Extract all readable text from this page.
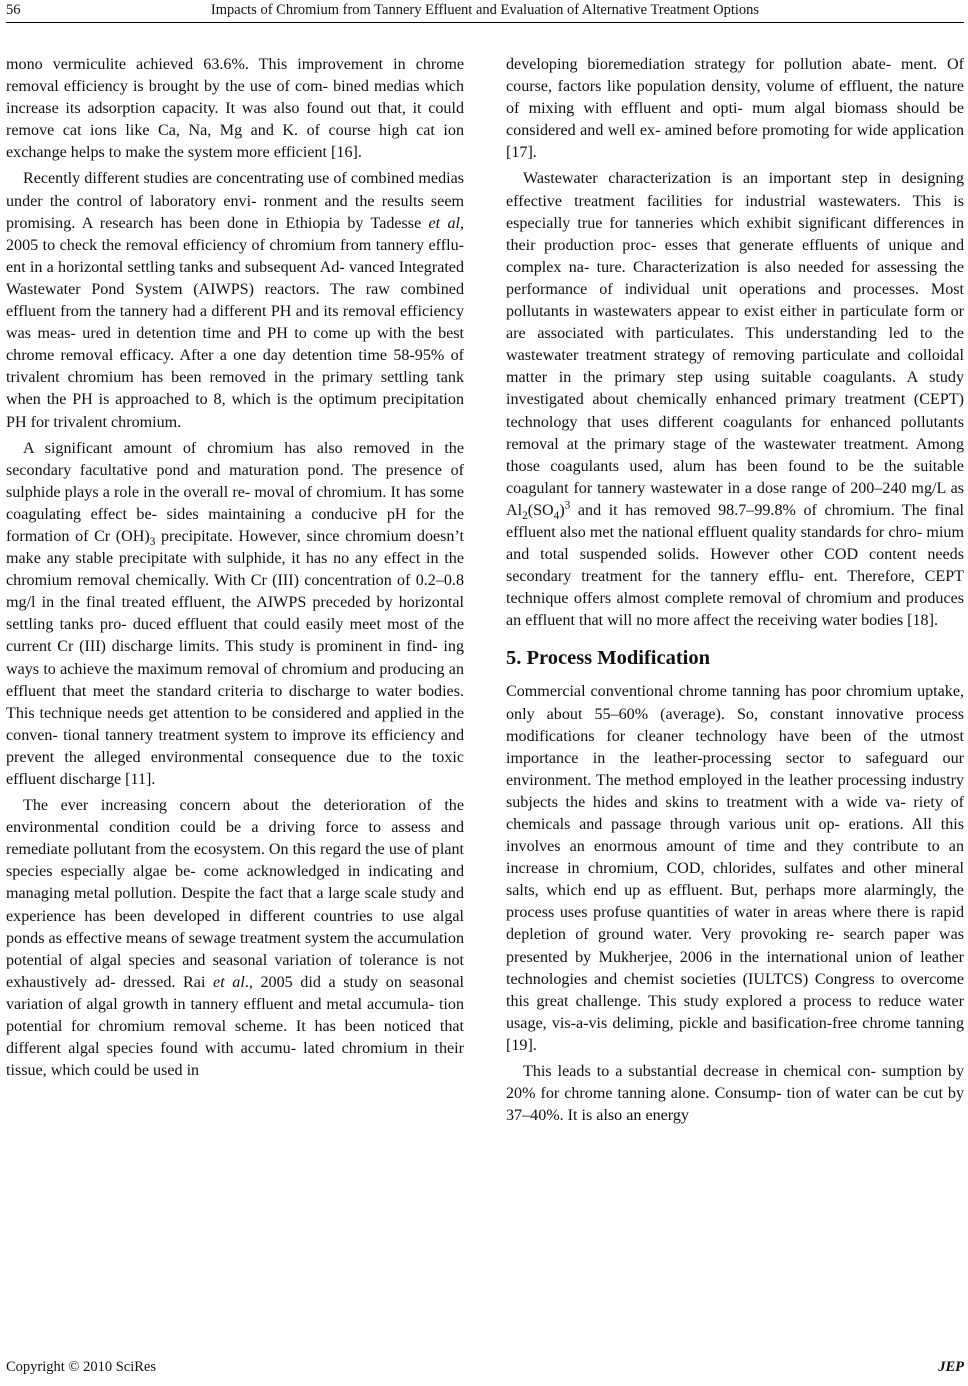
56	Impacts of Chromium from Tannery Effluent and Evaluation of Alternative Treatment Options

mono vermiculite achieved 63.6%. This improvement in chrome removal efficiency is brought by the use of com- bined medias which increase its adsorption capacity. It was also found out that, it could remove cat ions like Ca, Na, Mg and K. of course high cat ion exchange helps to make the system more efficient [16].

Recently different studies are concentrating use of combined medias under the control of laboratory envi- ronment and the results seem promising. A research has been done in Ethiopia by Tadesse et al, 2005 to check the removal efficiency of chromium from tannery efflu- ent in a horizontal settling tanks and subsequent Ad- vanced Integrated Wastewater Pond System (AIWPS) reactors. The raw combined effluent from the tannery had a different PH and its removal efficiency was meas- ured in detention time and PH to come up with the best chrome removal efficacy. After a one day detention time 58-95% of trivalent chromium has been removed in the primary settling tank when the PH is approached to 8, which is the optimum precipitation PH for trivalent chromium.

A significant amount of chromium has also removed in the secondary facultative pond and maturation pond. The presence of sulphide plays a role in the overall re- moval of chromium. It has some coagulating effect be- sides maintaining a conducive pH for the formation of Cr $(OH)_3$ precipitate. However, since chromium doesn’t make any stable precipitate with sulphide, it has no any effect in the chromium removal chemically. With Cr (III) concentration of 0.2–0.8 mg/l in the final treated effluent, the AIWPS preceded by horizontal settling tanks pro- duced effluent that could easily meet most of the current Cr (III) discharge limits. This study is prominent in find- ing ways to achieve the maximum removal of chromium and producing an effluent that meet the standard criteria to discharge to water bodies. This technique needs get attention to be considered and applied in the conven- tional tannery treatment system to improve its efficiency and prevent the alleged environmental consequence due to the toxic effluent discharge [11].

The ever increasing concern about the deterioration of the environmental condition could be a driving force to assess and remediate pollutant from the ecosystem. On this regard the use of plant species especially algae be- come acknowledged in indicating and managing metal pollution. Despite the fact that a large scale study and experience has been developed in different countries to use algal ponds as effective means of sewage treatment system the accumulation potential of algal species and seasonal variation of tolerance is not exhaustively ad- dressed. Rai et al., 2005 did a study on seasonal variation of algal growth in tannery effluent and metal accumula- tion potential for chromium removal scheme. It has been noticed that different algal species found with accumu- lated chromium in their tissue, which could be used in

developing bioremediation strategy for pollution abate- ment. Of course, factors like population density, volume of effluent, the nature of mixing with effluent and opti- mum algal biomass should be considered and well ex- amined before promoting for wide application [17].

Wastewater characterization is an important step in designing effective treatment facilities for industrial wastewaters. This is especially true for tanneries which exhibit significant differences in their production proc- esses that generate effluents of unique and complex na- ture. Characterization is also needed for assessing the performance of individual unit operations and processes. Most pollutants in wastewaters appear to exist either in particulate form or are associated with particulates. This understanding led to the wastewater treatment strategy of removing particulate and colloidal matter in the primary step using suitable coagulants. A study investigated about chemically enhanced primary treatment (CEPT) technology that uses different coagulants for enhanced pollutants removal at the primary stage of the wastewater treatment. Among those coagulants used, alum has been found to be the suitable coagulant for tannery wastewater in a dose range of 200–240 mg/L as $Al_2(SO_4)^3$ and it has removed 98.7–99.8% of chromium. The final effluent also met the national effluent quality standards for chro- mium and total suspended solids. However other COD content needs secondary treatment for the tannery efflu- ent. Therefore, CEPT technique offers almost complete removal of chromium and produces an effluent that will no more affect the receiving water bodies [18].

5. Process Modification

Commercial conventional chrome tanning has poor chromium uptake, only about 55–60% (average). So, constant innovative process modifications for cleaner technology have been of the utmost importance in the leather-processing sector to safeguard our environment. The method employed in the leather processing industry subjects the hides and skins to treatment with a wide va- riety of chemicals and passage through various unit op- erations. All this involves an enormous amount of time and they contribute to an increase in chromium, COD, chlorides, sulfates and other mineral salts, which end up as effluent. But, perhaps more alarmingly, the process uses profuse quantities of water in areas where there is rapid depletion of ground water. Very provoking re- search paper was presented by Mukherjee, 2006 in the international union of leather technologies and chemist societies (IULTCS) Congress to overcome this great challenge. This study explored a process to reduce water usage, vis-a-vis deliming, pickle and basification-free chrome tanning [19].

This leads to a substantial decrease in chemical con- sumption by 20% for chrome tanning alone. Consump- tion of water can be cut by 37–40%. It is also an energy

Copyright © 2010 SciRes	JEP
